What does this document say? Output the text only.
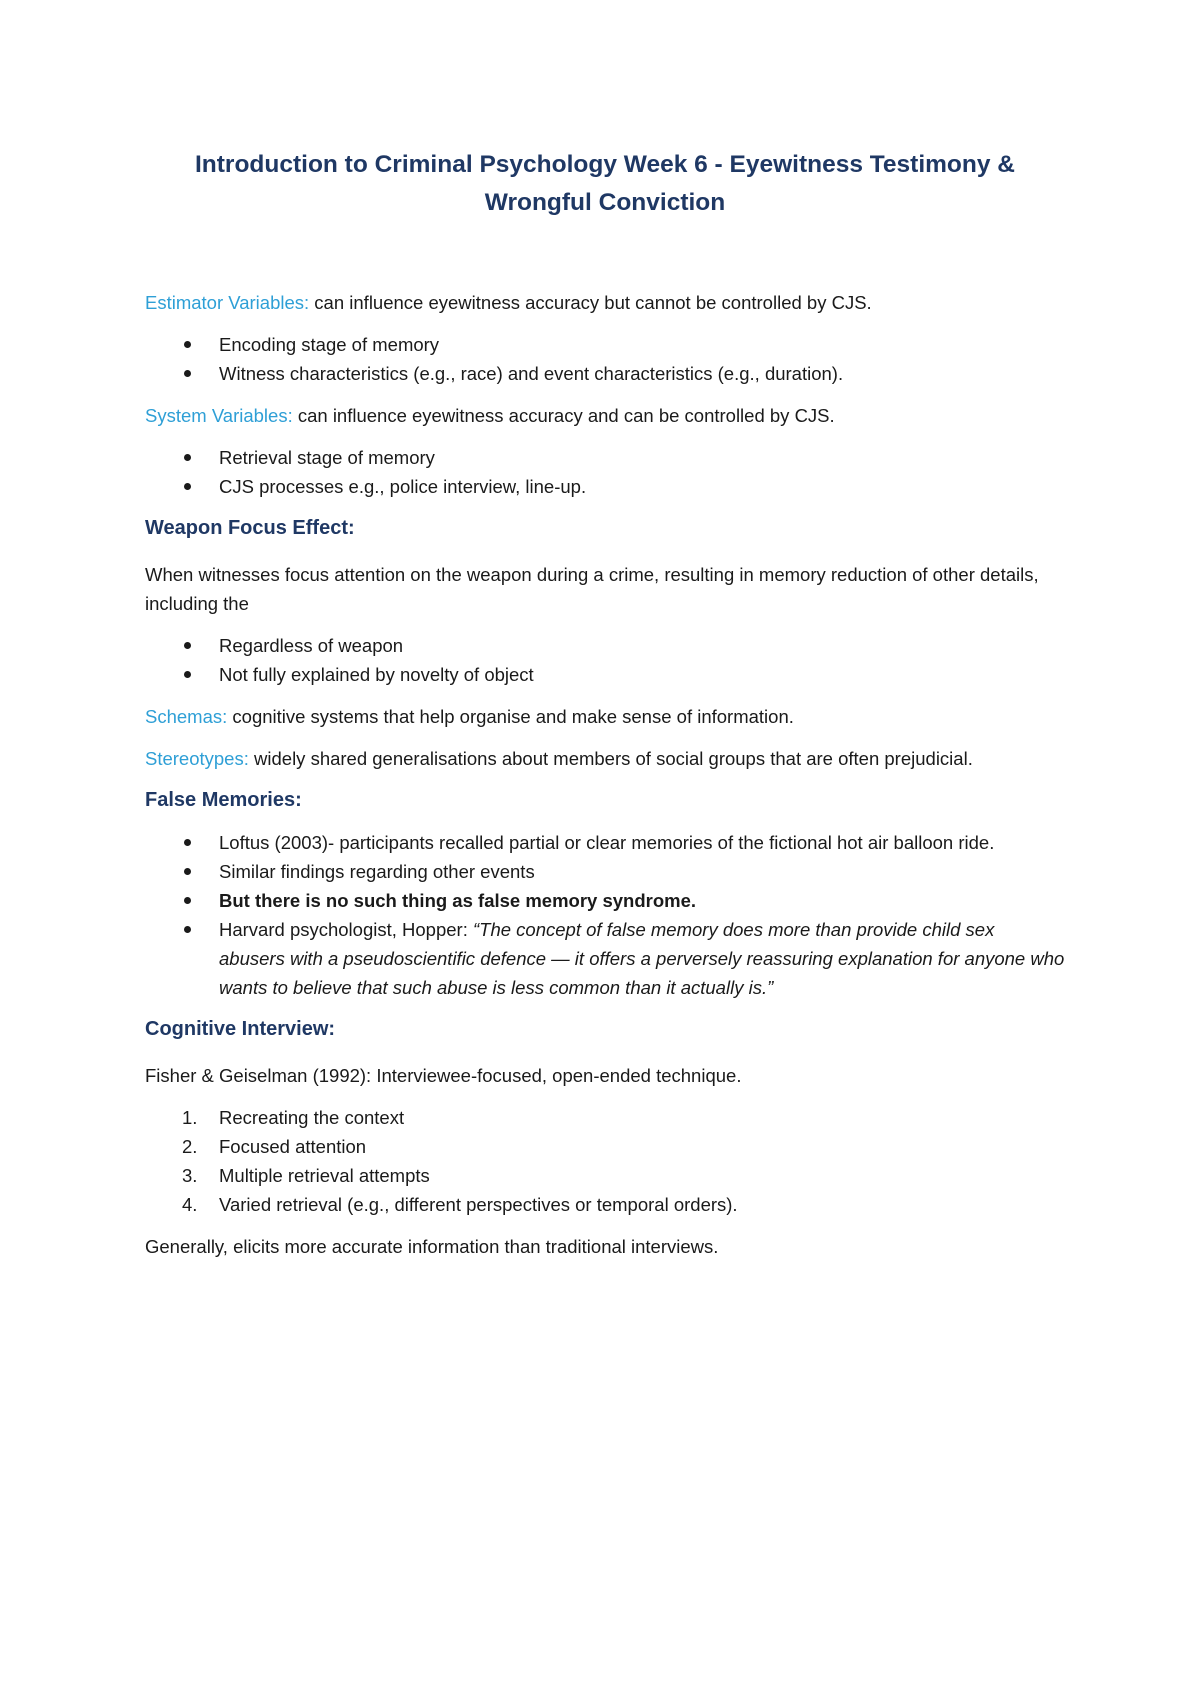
Introduction to Criminal Psychology Week 6 - Eyewitness Testimony &
Wrongful Conviction

Estimator Variables: can influence eyewitness accuracy but cannot be controlled by CJS.

Encoding stage of memory
Witness characteristics (e.g., race) and event characteristics (e.g., duration).

System Variables: can influence eyewitness accuracy and can be controlled by CJS.

Retrieval stage of memory
CJS processes e.g., police interview, line-up.
Weapon Focus Effect:

When witnesses focus attention on the weapon during a crime, resulting in memory reduction of other details, including the

Regardless of weapon
Not fully explained by novelty of object

Schemas: cognitive systems that help organise and make sense of information.

Stereotypes: widely shared generalisations about members of social groups that are often prejudicial.

False Memories:
Loftus (2003)- participants recalled partial or clear memories of the fictional hot air balloon ride.
Similar findings regarding other events
But there is no such thing as false memory syndrome.
Harvard psychologist, Hopper: “The concept of false memory does more than provide child sex abusers with a pseudoscientific defence — it offers a perversely reassuring explanation for anyone who wants to believe that such abuse is less common than it actually is.”
Cognitive Interview:

Fisher & Geiselman (1992): Interviewee-focused, open-ended technique.

1. Recreating the context
2. Focused attention
3. Multiple retrieval attempts
4. Varied retrieval (e.g., different perspectives or temporal orders).

Generally, elicits more accurate information than traditional interviews.
